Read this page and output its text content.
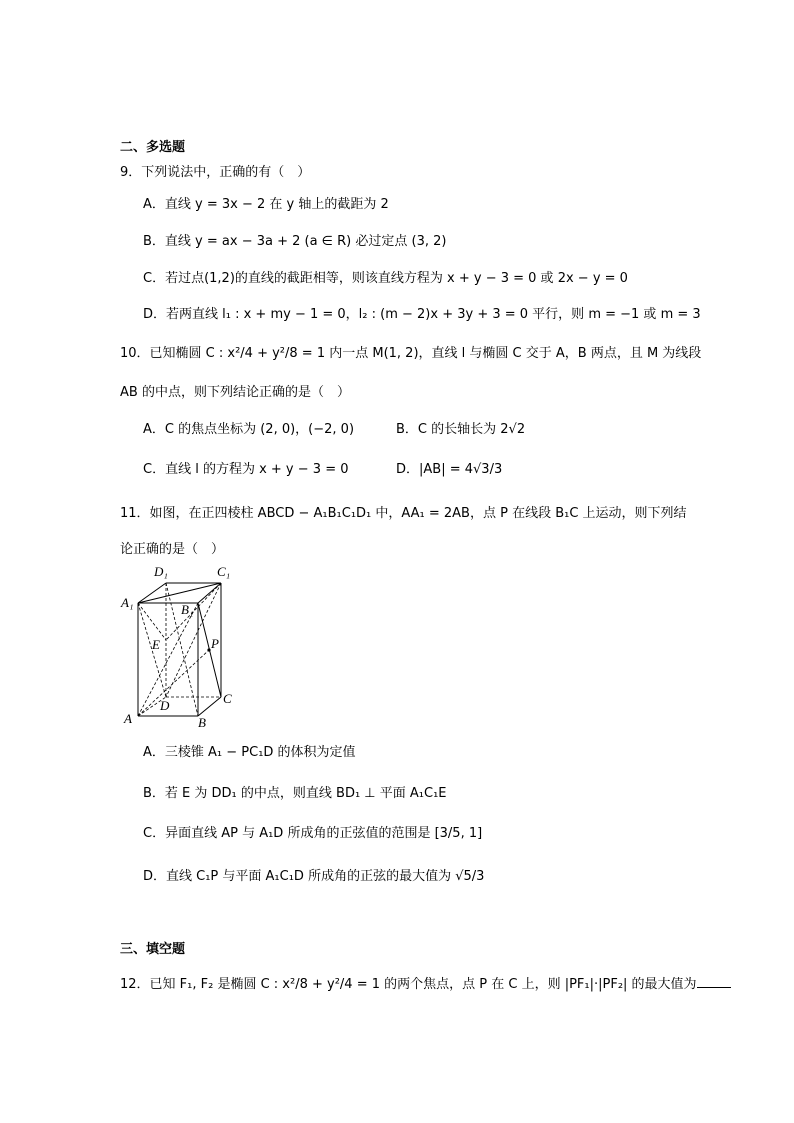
二、多选题
9．下列说法中，正确的有（　）
A．直线 y = 3x − 2 在 y 轴上的截距为 2
B．直线 y = ax − 3a + 2 (a ∈ R) 必过定点 (3, 2)
C．若过点(1,2)的直线的截距相等，则该直线方程为 x + y − 3 = 0 或 2x − y = 0
D．若两直线 l₁ : x + my − 1 = 0，l₂ : (m − 2)x + 3y + 3 = 0 平行，则 m = −1 或 m = 3
10．已知椭圆 C : x²/4 + y²/8 = 1 内一点 M(1, 2)，直线 l 与椭圆 C 交于 A，B 两点，且 M 为线段
AB 的中点，则下列结论正确的是（　）
A．C 的焦点坐标为 (2, 0)，(−2, 0)	B．C 的长轴长为 2√2
C．直线 l 的方程为 x + y − 3 = 0	D．|AB| = 4√3/3
11．如图，在正四棱柱 ABCD − A₁B₁C₁D₁ 中，AA₁ = 2AB，点 P 在线段 B₁C 上运动，则下列结
论正确的是（　）
D₁	C₁
A₁	B₁
E	P
D	C
A	B
A．三棱锥 A₁ − PC₁D 的体积为定值
B．若 E 为 DD₁ 的中点，则直线 BD₁ ⊥ 平面 A₁C₁E
C．异面直线 AP 与 A₁D 所成角的正弦值的范围是 [3/5, 1]
D．直线 C₁P 与平面 A₁C₁D 所成角的正弦的最大值为 √5/3
三、填空题
12．已知 F₁, F₂ 是椭圆 C : x²/8 + y²/4 = 1 的两个焦点，点 P 在 C 上，则 |PF₁|·|PF₂| 的最大值为
